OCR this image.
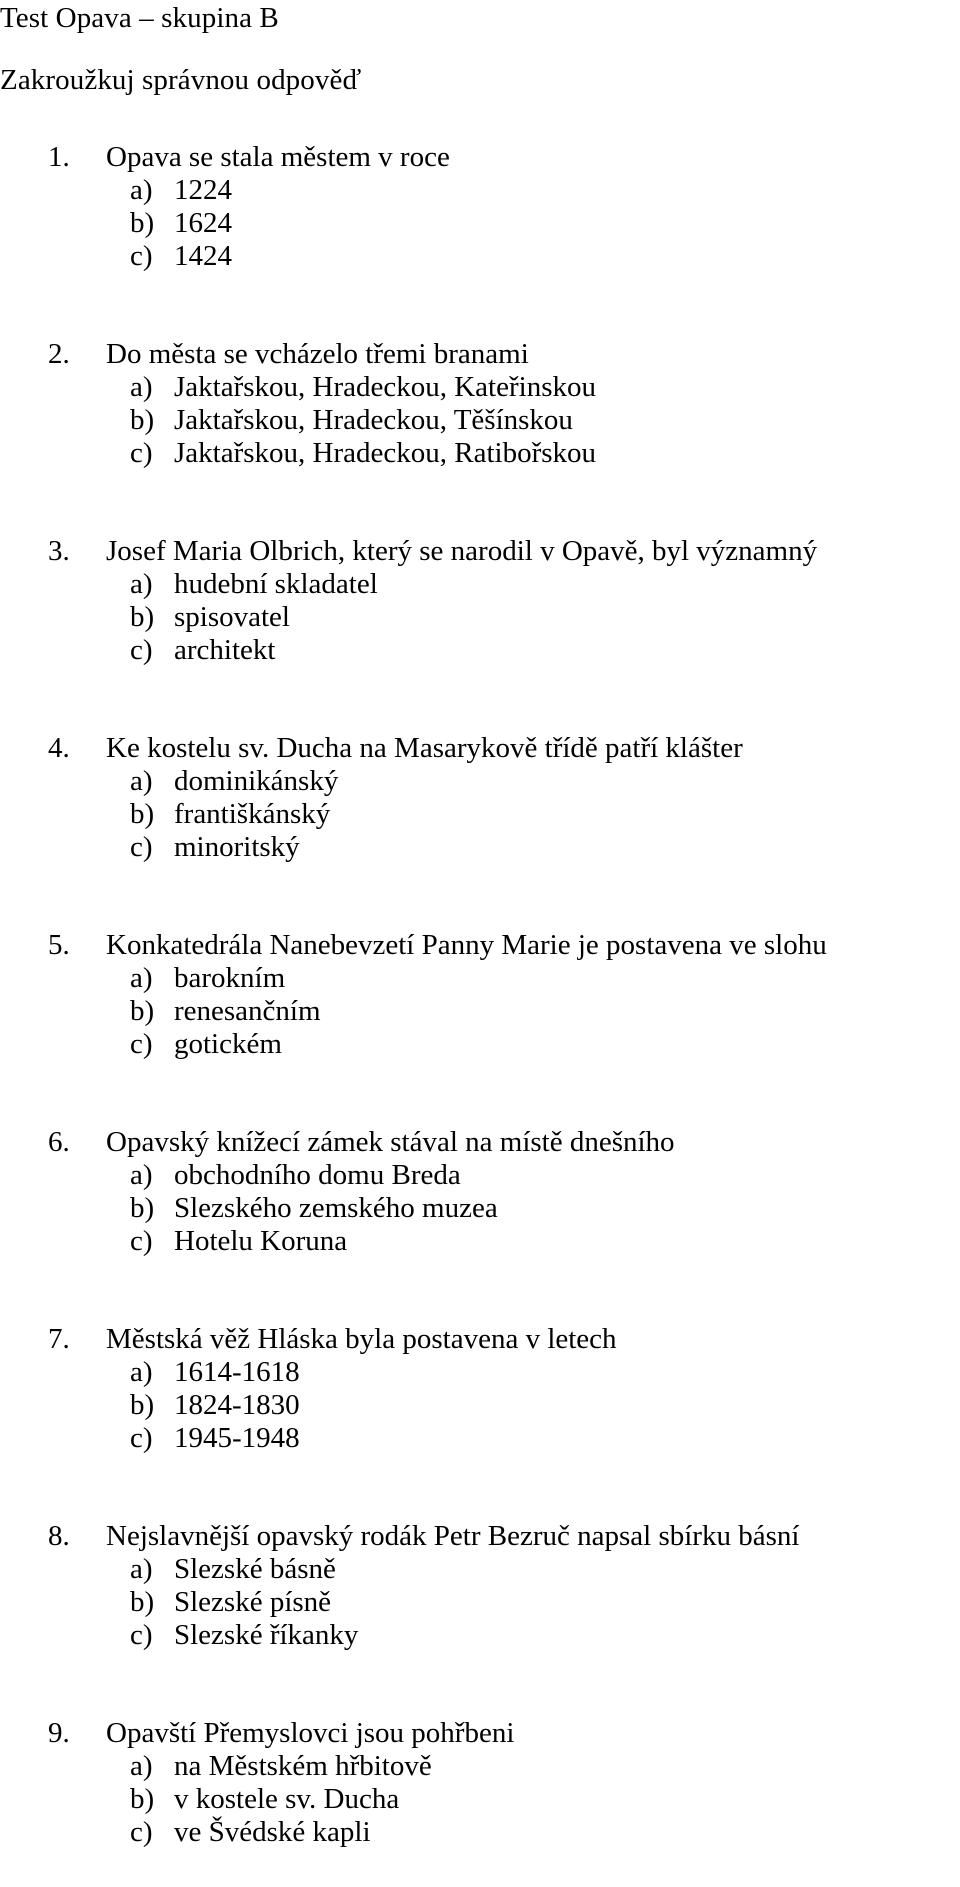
Test Opava – skupina B
Zakroužkuj správnou odpověď
1. Opava se stala městem v roce
a) 1224
b) 1624
c) 1424
2. Do města se vcházelo třemi branami
a) Jaktařskou, Hradeckou, Kateřinskou
b) Jaktařskou, Hradeckou, Těšínskou
c) Jaktařskou, Hradeckou, Ratibořskou
3. Josef Maria Olbrich, který se narodil v Opavě, byl významný
a) hudební skladatel
b) spisovatel
c) architekt
4. Ke kostelu sv. Ducha na Masarykově třídě patří klášter
a) dominikánský
b) františkánský
c) minoritský
5. Konkatedrála Nanebevzetí Panny Marie je postavena ve slohu
a) barokním
b) renesančním
c) gotickém
6. Opavský knížecí zámek stával na místě dnešního
a) obchodního domu Breda
b) Slezského zemského muzea
c) Hotelu Koruna
7. Městská věž Hláska byla postavena v letech
a) 1614-1618
b) 1824-1830
c) 1945-1948
8. Nejslavnější opavský rodák Petr Bezruč napsal sbírku básní
a) Slezské básně
b) Slezské písně
c) Slezské říkanky
9. Opavští Přemyslovci jsou pohřbeni
a) na Městském hřbitově
b) v kostele sv. Ducha
c) ve Švédské kapli
